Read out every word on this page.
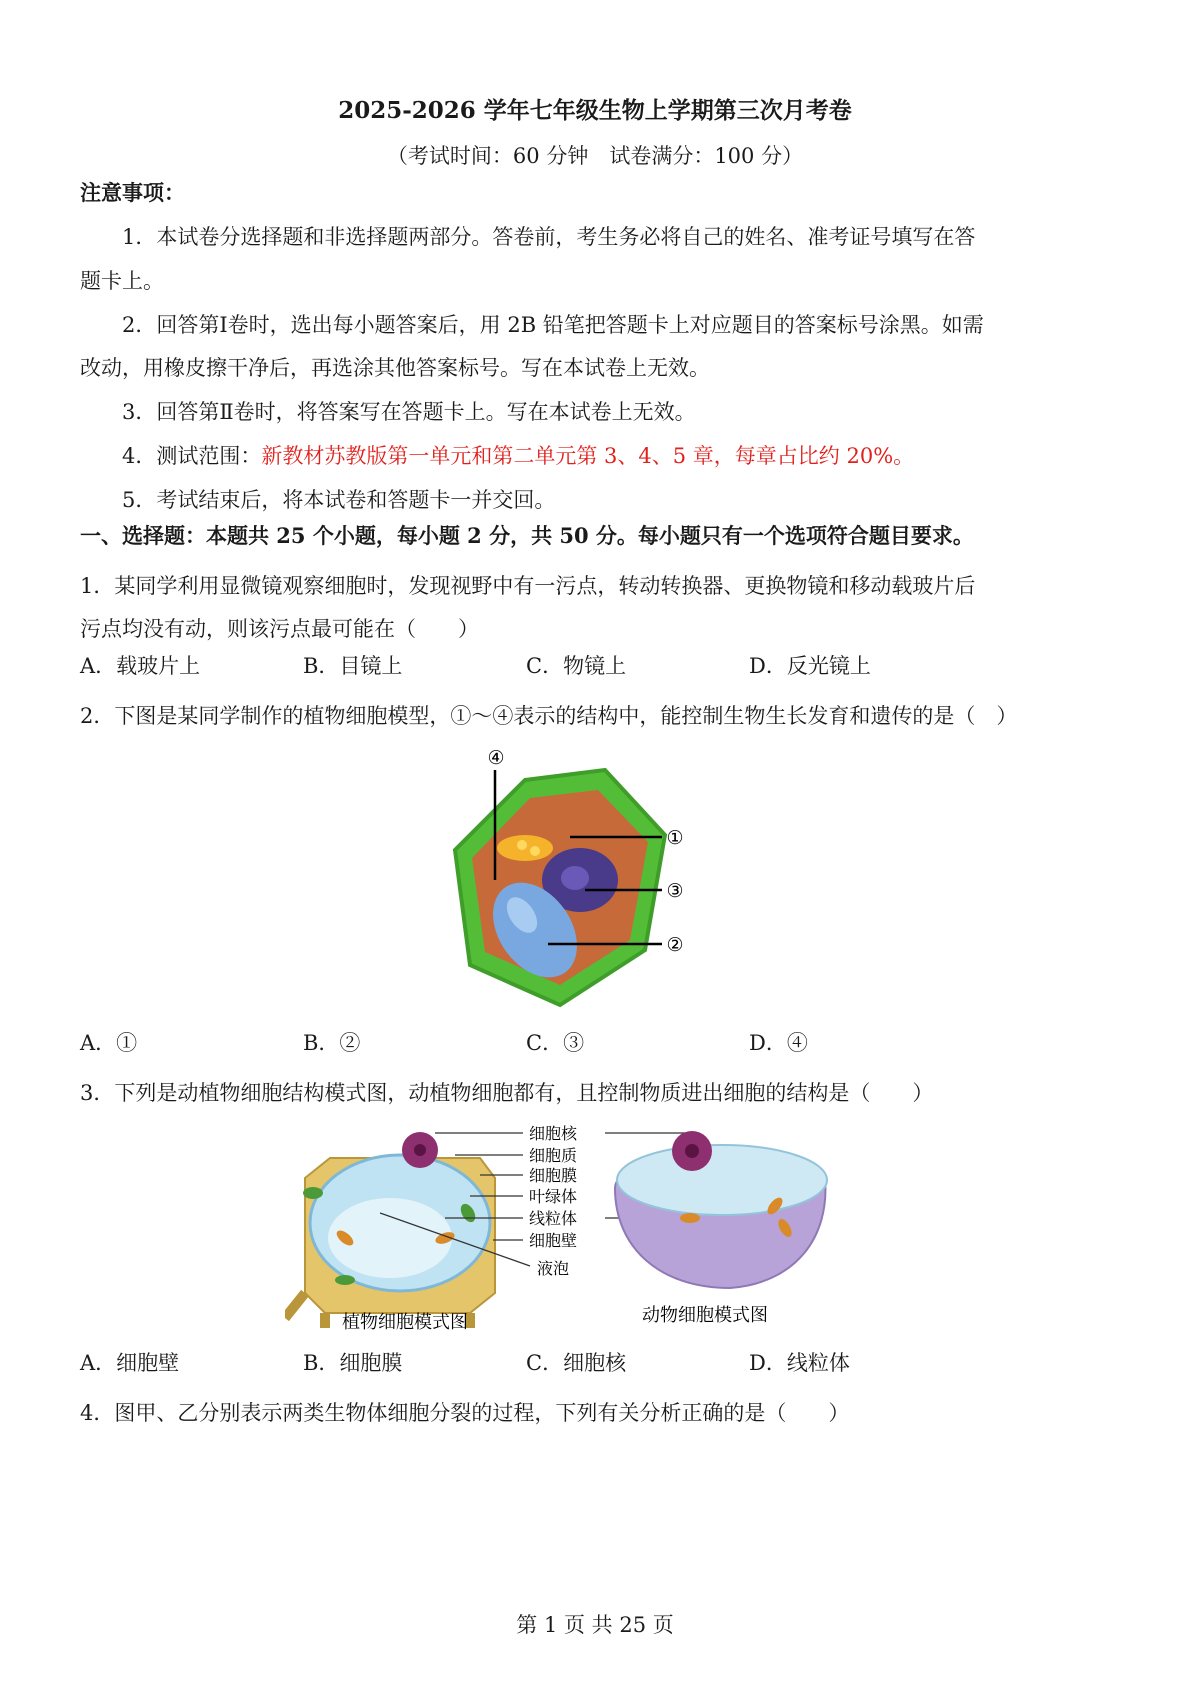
2025-2026 学年七年级生物上学期第三次月考卷
（考试时间：60 分钟　试卷满分：100 分）
注意事项：
1．本试卷分选择题和非选择题两部分。答卷前，考生务必将自己的姓名、准考证号填写在答
题卡上。
2．回答第Ⅰ卷时，选出每小题答案后，用 2B 铅笔把答题卡上对应题目的答案标号涂黑。如需
改动，用橡皮擦干净后，再选涂其他答案标号。写在本试卷上无效。
3．回答第Ⅱ卷时，将答案写在答题卡上。写在本试卷上无效。
4．测试范围：新教材苏教版第一单元和第二单元第 3、4、5 章，每章占比约 20%。
5．考试结束后，将本试卷和答题卡一并交回。
一、选择题：本题共 25 个小题，每小题 2 分，共 50 分。每小题只有一个选项符合题目要求。
1．某同学利用显微镜观察细胞时，发现视野中有一污点，转动转换器、更换物镜和移动载玻片后
污点均没有动，则该污点最可能在（　　）
A．载玻片上	B．目镜上	C．物镜上	D．反光镜上
2．下图是某同学制作的植物细胞模型，①～④表示的结构中，能控制生物生长发育和遗传的是（　）
④
①
③
②
A．①	B．②	C．③	D．④
3．下列是动植物细胞结构模式图，动植物细胞都有，且控制物质进出细胞的结构是（　　）
细胞核
细胞质
细胞膜
叶绿体
线粒体
细胞壁
液泡
植物细胞模式图	动物细胞模式图
A．细胞壁	B．细胞膜	C．细胞核	D．线粒体
4．图甲、乙分别表示两类生物体细胞分裂的过程，下列有关分析正确的是（　　）
第 1 页 共 25 页
